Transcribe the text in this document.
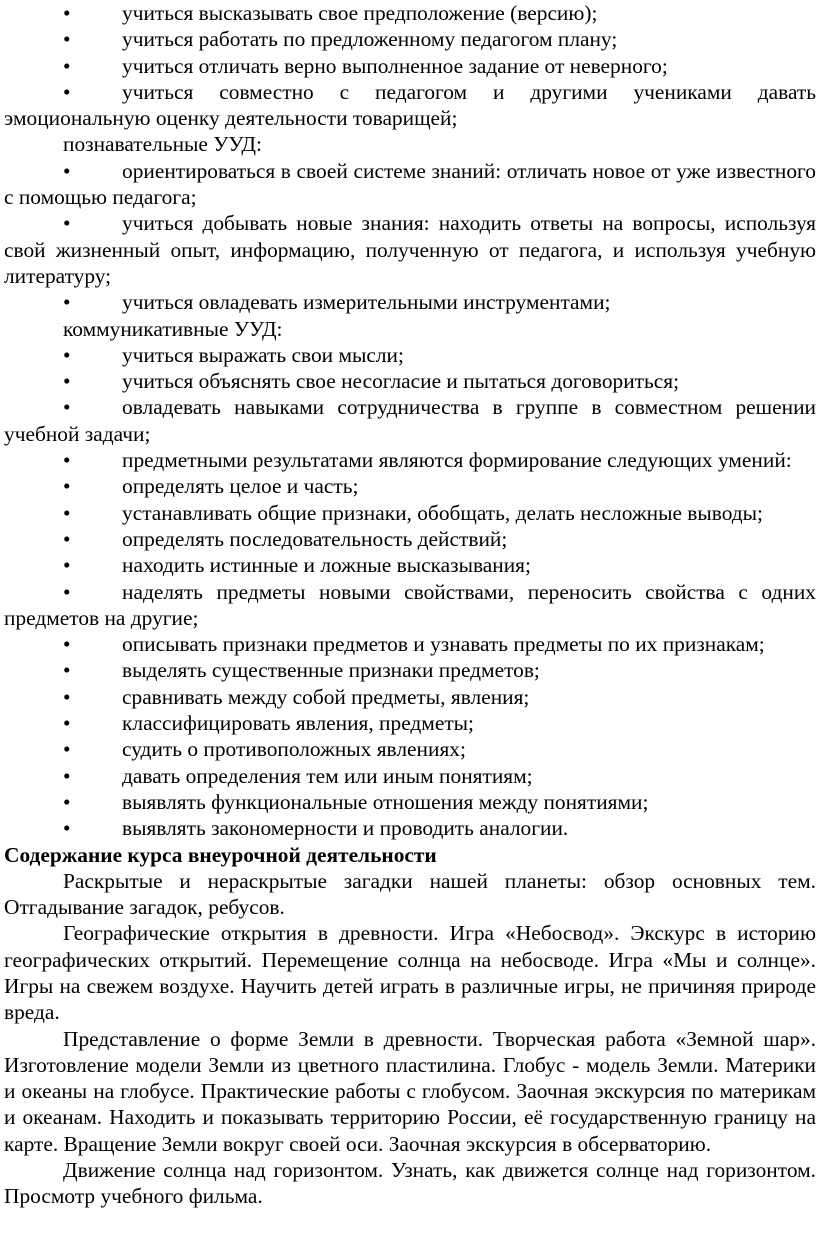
• учиться высказывать свое предположение (версию);
• учиться работать по предложенному педагогом плану;
• учиться отличать верно выполненное задание от неверного;
• учиться совместно с педагогом и другими учениками давать эмоциональную оценку деятельности товарищей;
познавательные УУД:
• ориентироваться в своей системе знаний: отличать новое от уже известного с помощью педагога;
• учиться добывать новые знания: находить ответы на вопросы, используя свой жизненный опыт, информацию, полученную от педагога, и используя учебную литературу;
• учиться овладевать измерительными инструментами;
коммуникативные УУД:
• учиться выражать свои мысли;
• учиться объяснять свое несогласие и пытаться договориться;
• овладевать навыками сотрудничества в группе в совместном решении учебной задачи;
• предметными результатами являются формирование следующих умений:
• определять целое и часть;
• устанавливать общие признаки, обобщать, делать несложные выводы;
• определять последовательность действий;
• находить истинные и ложные высказывания;
• наделять предметы новыми свойствами, переносить свойства с одних предметов на другие;
• описывать признаки предметов и узнавать предметы по их признакам;
• выделять существенные признаки предметов;
• сравнивать между собой предметы, явления;
• классифицировать явления, предметы;
• судить о противоположных явлениях;
• давать определения тем или иным понятиям;
• выявлять функциональные отношения между понятиями;
• выявлять закономерности и проводить аналогии.
Содержание курса внеурочной деятельности
Раскрытые и нераскрытые загадки нашей планеты: обзор основных тем. Отгадывание загадок, ребусов.
Географические открытия в древности. Игра «Небосвод». Экскурс в историю географических открытий. Перемещение солнца на небосводе. Игра «Мы и солнце». Игры на свежем воздухе. Научить детей играть в различные игры, не причиняя природе вреда.
Представление о форме Земли в древности. Творческая работа «Земной шар». Изготовление модели Земли из цветного пластилина. Глобус - модель Земли. Материки и океаны на глобусе. Практические работы с глобусом. Заочная экскурсия по материкам и океанам. Находить и показывать территорию России, её государственную границу на карте. Вращение Земли вокруг своей оси. Заочная экскурсия в обсерваторию.
Движение солнца над горизонтом. Узнать, как движется солнце над горизонтом. Просмотр учебного фильма.
